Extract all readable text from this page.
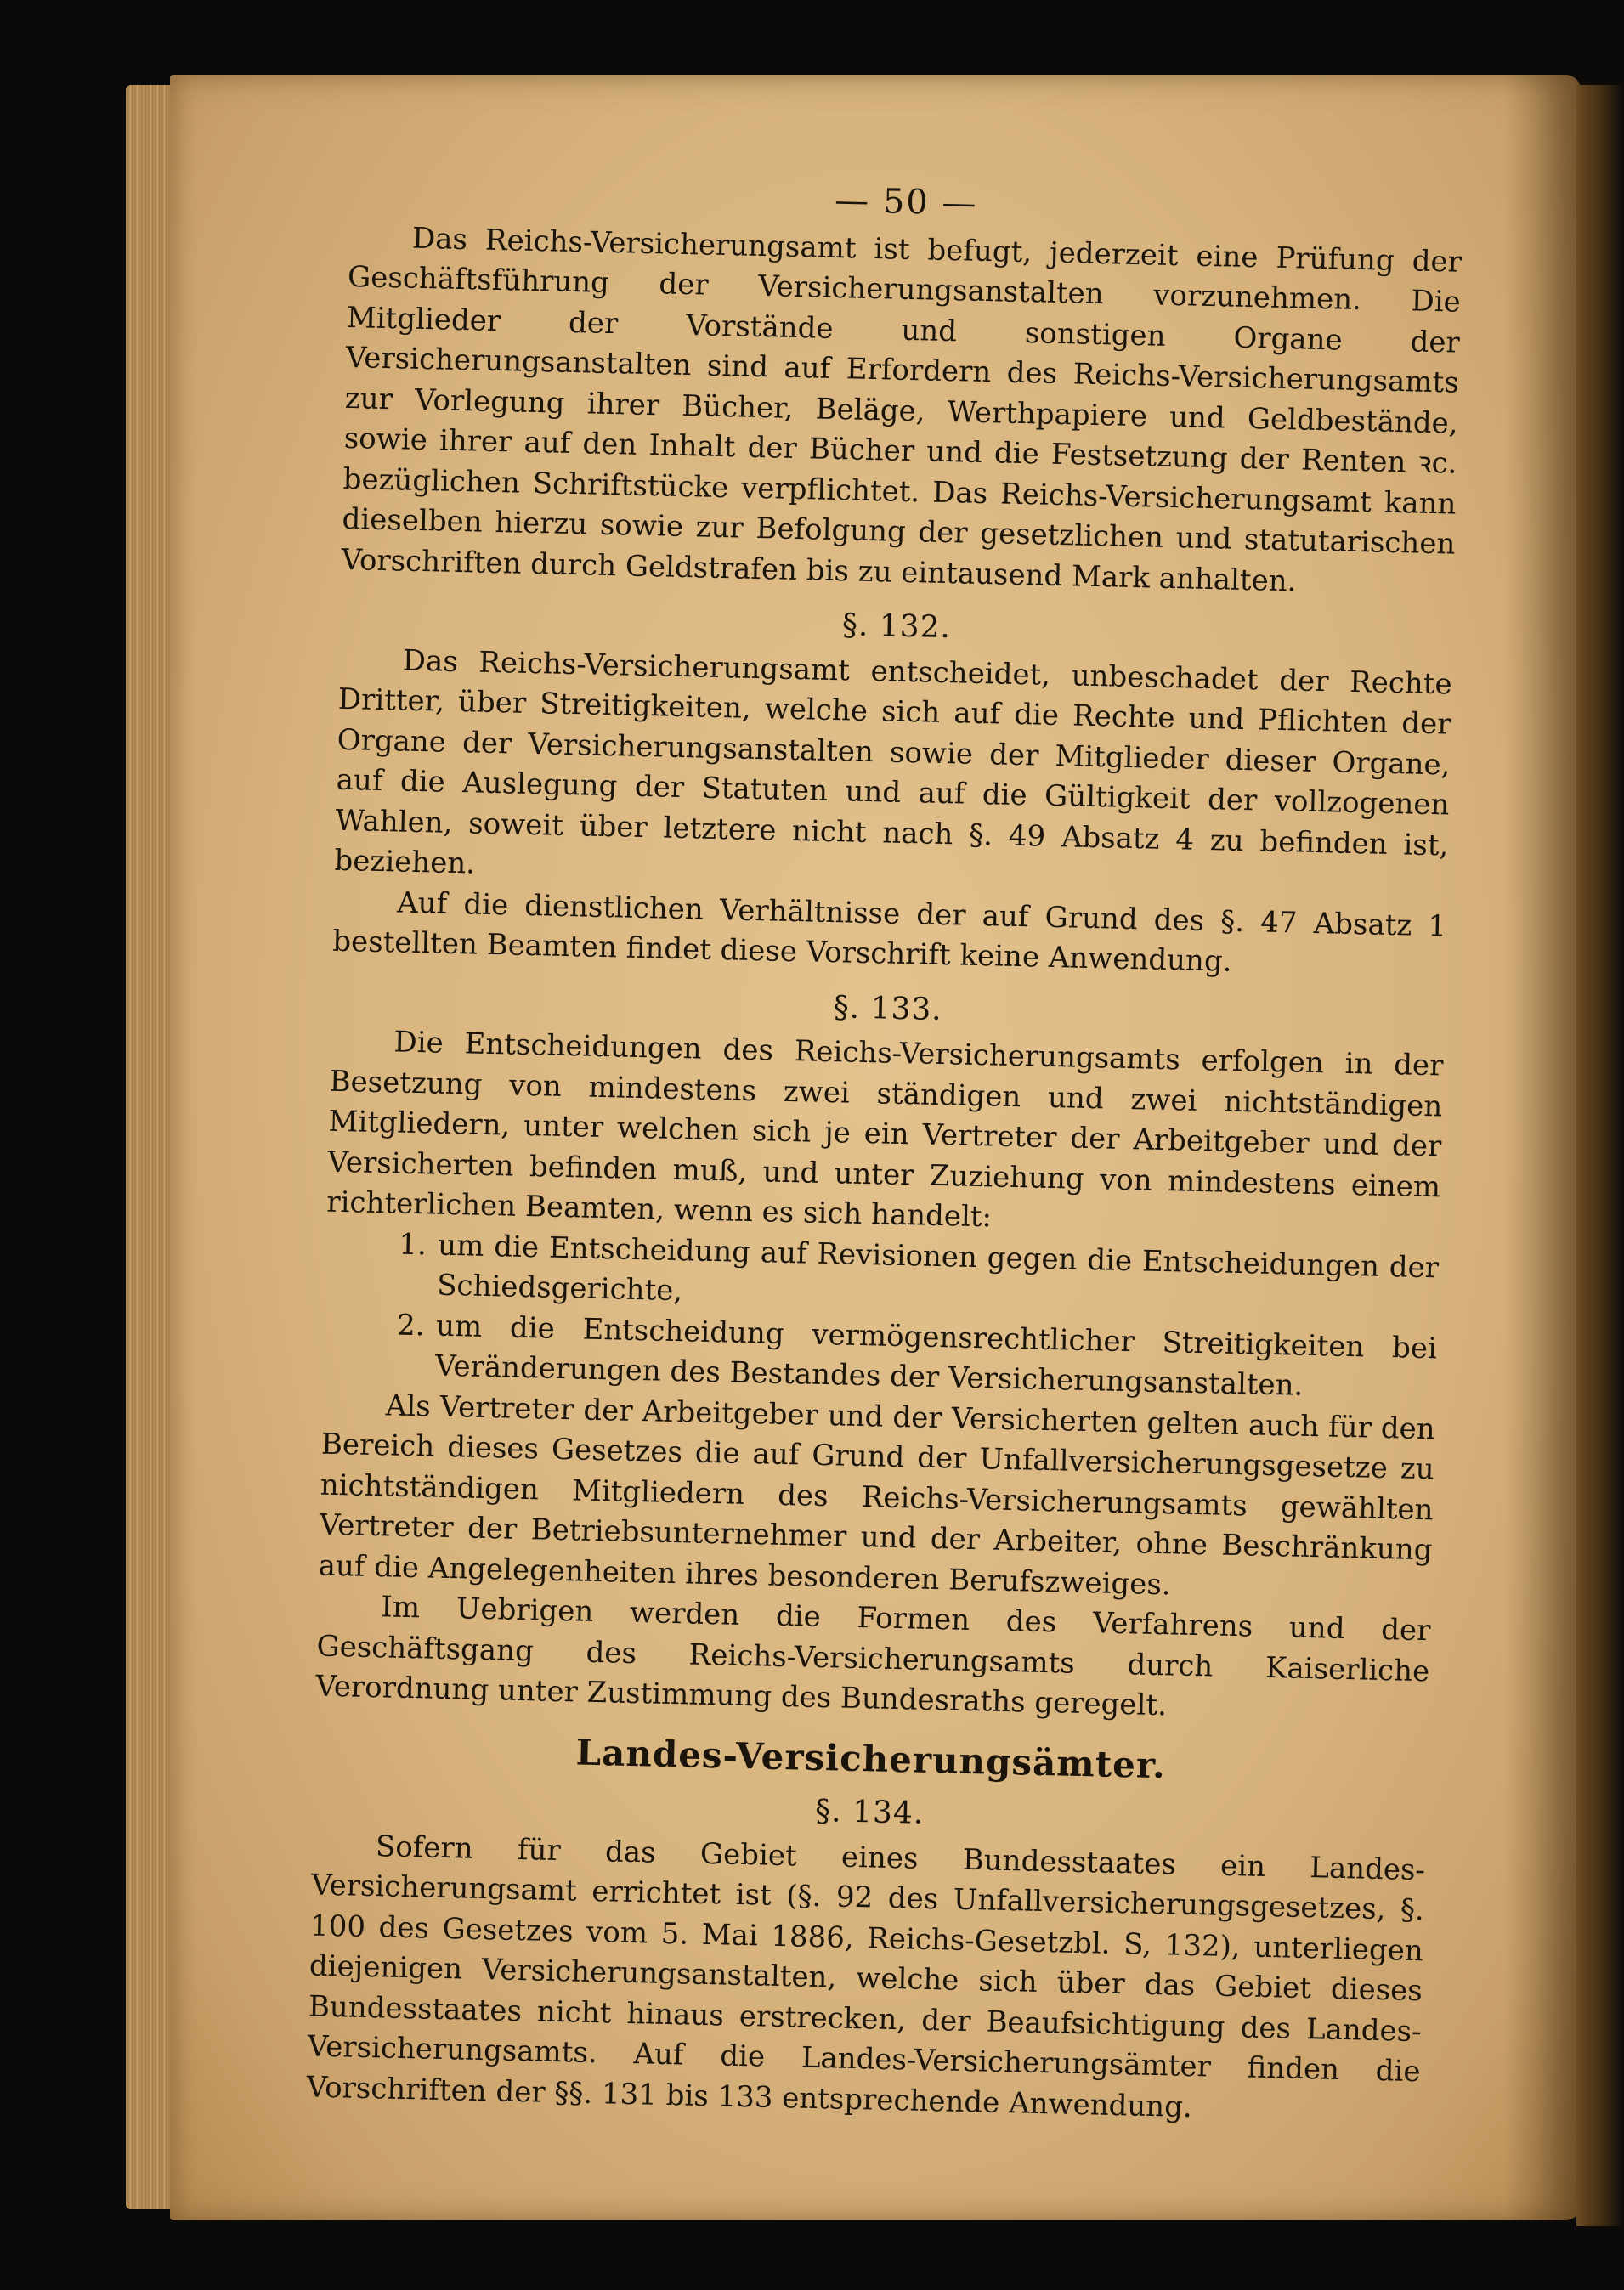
— 50 —

Das Reichs-Versicherungsamt ist befugt, jederzeit eine Prüfung der Geschäftsführung der Versicherungsanstalten vorzunehmen. Die Mitglieder der Vorstände und sonstigen Organe der Versicherungsanstalten sind auf Erfordern des Reichs-Versicherungsamts zur Vorlegung ihrer Bücher, Beläge, Werthpapiere und Geldbestände, sowie ihrer auf den Inhalt der Bücher und die Festsetzung der Renten ꝛc. bezüglichen Schriftstücke verpflichtet. Das Reichs-Versicherungsamt kann dieselben hierzu sowie zur Befolgung der gesetzlichen und statutarischen Vorschriften durch Geldstrafen bis zu eintausend Mark anhalten.

§. 132.

Das Reichs-Versicherungsamt entscheidet, unbeschadet der Rechte Dritter, über Streitigkeiten, welche sich auf die Rechte und Pflichten der Organe der Versicherungsanstalten sowie der Mitglieder dieser Organe, auf die Auslegung der Statuten und auf die Gültigkeit der vollzogenen Wahlen, soweit über letztere nicht nach §. 49 Absatz 4 zu befinden ist, beziehen.

Auf die dienstlichen Verhältnisse der auf Grund des §. 47 Absatz 1 bestellten Beamten findet diese Vorschrift keine Anwendung.

§. 133.

Die Entscheidungen des Reichs-Versicherungsamts erfolgen in der Besetzung von mindestens zwei ständigen und zwei nichtständigen Mitgliedern, unter welchen sich je ein Vertreter der Arbeitgeber und der Versicherten befinden muß, und unter Zuziehung von mindestens einem richterlichen Beamten, wenn es sich handelt:

1. um die Entscheidung auf Revisionen gegen die Entscheidungen der Schiedsgerichte,
2. um die Entscheidung vermögensrechtlicher Streitigkeiten bei Veränderungen des Bestandes der Versicherungsanstalten.

Als Vertreter der Arbeitgeber und der Versicherten gelten auch für den Bereich dieses Gesetzes die auf Grund der Unfallversicherungsgesetze zu nichtständigen Mitgliedern des Reichs-Versicherungsamts gewählten Vertreter der Betriebsunternehmer und der Arbeiter, ohne Beschränkung auf die Angelegenheiten ihres besonderen Berufszweiges.

Im Uebrigen werden die Formen des Verfahrens und der Geschäftsgang des Reichs-Versicherungsamts durch Kaiserliche Verordnung unter Zustimmung des Bundesraths geregelt.

Landes-Versicherungsämter.
§. 134.

Sofern für das Gebiet eines Bundesstaates ein Landes-Versicherungsamt errichtet ist (§. 92 des Unfallversicherungsgesetzes, §. 100 des Gesetzes vom 5. Mai 1886, Reichs-Gesetzbl. S, 132), unterliegen diejenigen Versicherungsanstalten, welche sich über das Gebiet dieses Bundesstaates nicht hinaus erstrecken, der Beaufsichtigung des Landes-Versicherungsamts. Auf die Landes-Versicherungsämter finden die Vorschriften der §§. 131 bis 133 entsprechende Anwendung.
